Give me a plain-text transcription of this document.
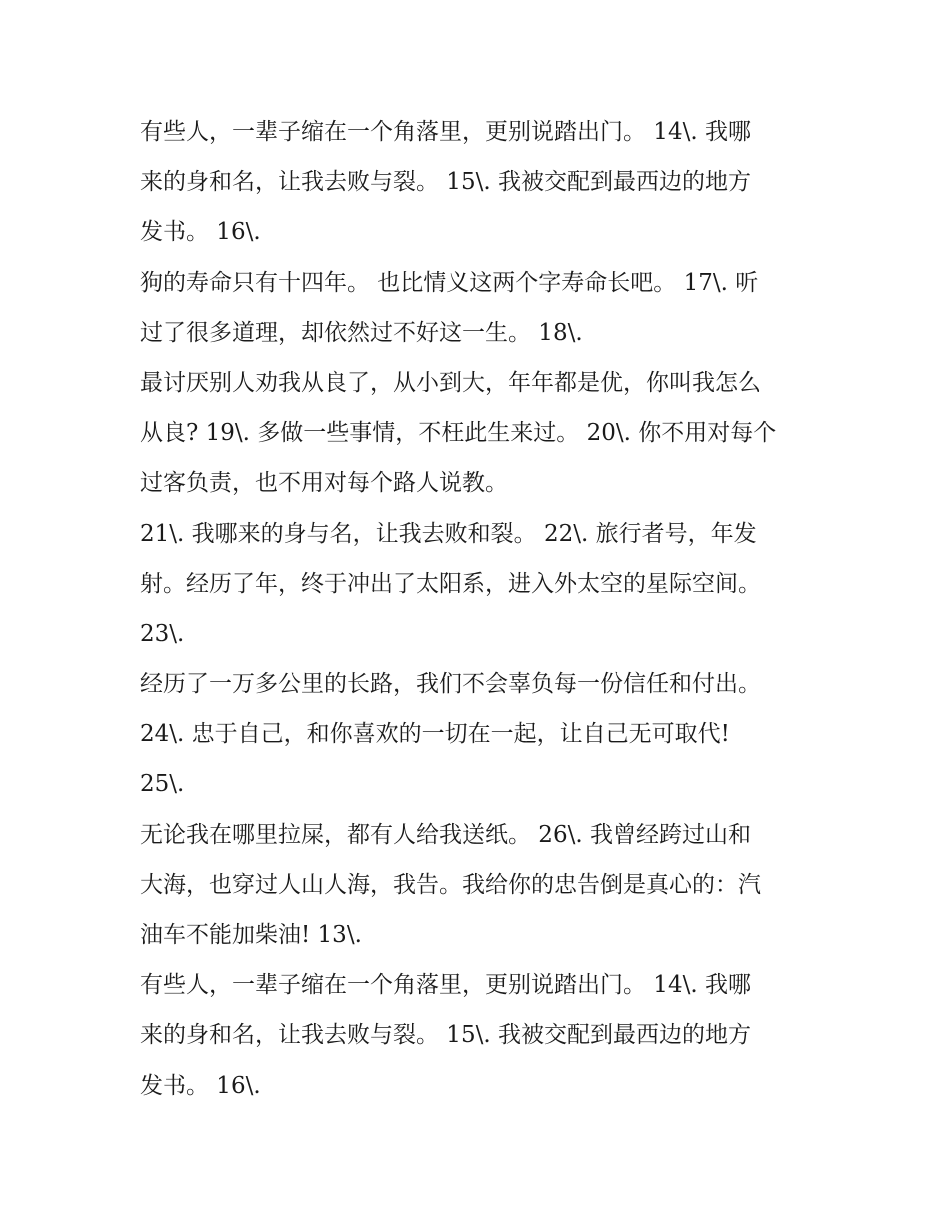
有些人，一辈子缩在一个角落里，更别说踏出门。 14\. 我哪

来的身和名，让我去败与裂。 15\. 我被交配到最西边的地方

发书。 16\.

狗的寿命只有十四年。 也比情义这两个字寿命长吧。 17\. 听

过了很多道理，却依然过不好这一生。 18\.

最讨厌别人劝我从良了，从小到大，年年都是优，你叫我怎么

从良? 19\. 多做一些事情，不枉此生来过。 20\. 你不用对每个

过客负责，也不用对每个路人说教。

21\. 我哪来的身与名，让我去败和裂。 22\. 旅行者号，年发

射。经历了年，终于冲出了太阳系，进入外太空的星际空间。

23\.

经历了一万多公里的长路，我们不会辜负每一份信任和付出。

24\. 忠于自己，和你喜欢的一切在一起，让自己无可取代!

25\.

无论我在哪里拉屎，都有人给我送纸。 26\. 我曾经跨过山和

大海，也穿过人山人海，我告。我给你的忠告倒是真心的：汽

油车不能加柴油! 13\.

有些人，一辈子缩在一个角落里，更别说踏出门。 14\. 我哪

来的身和名，让我去败与裂。 15\. 我被交配到最西边的地方

发书。 16\.
